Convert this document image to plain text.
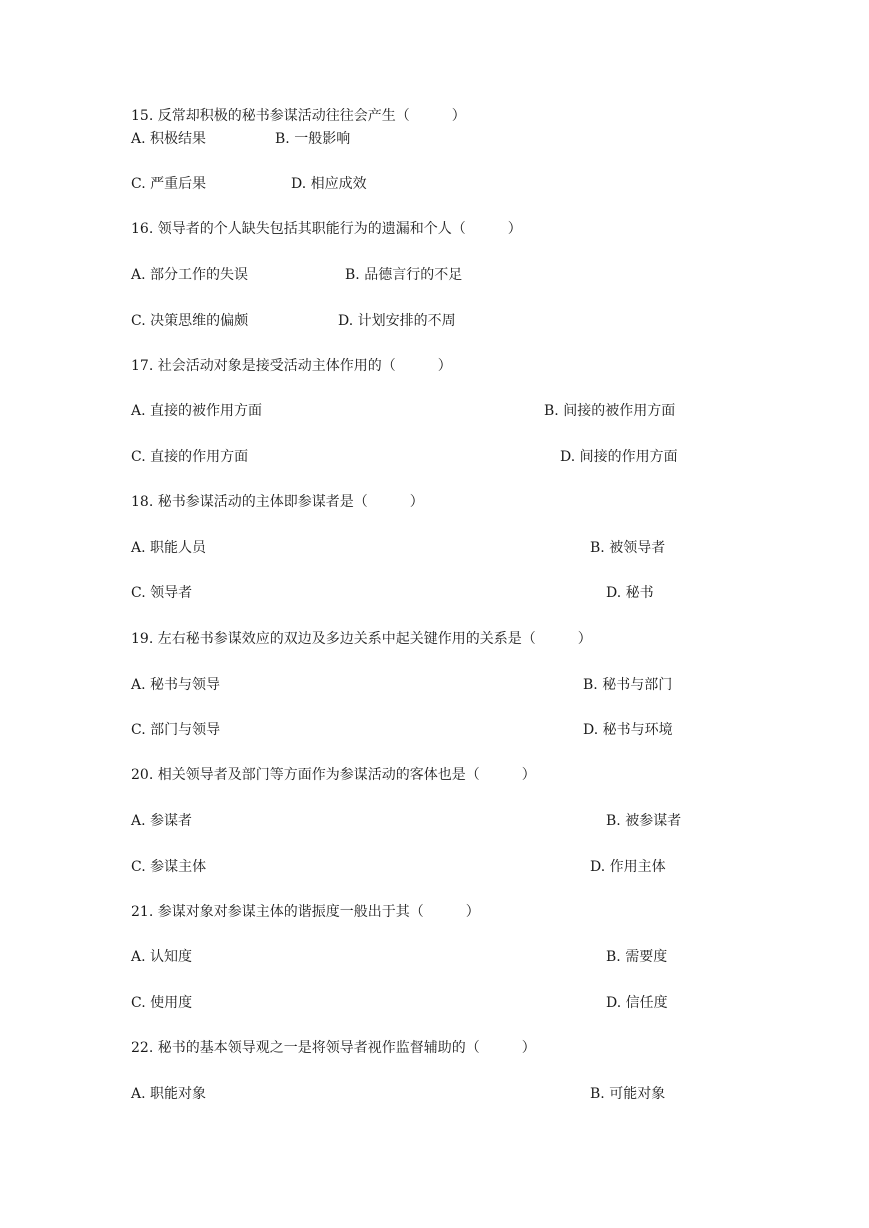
15. 反常却积极的秘书参谋活动往往会产生（　　　）
A. 积极结果	B. 一般影响
C. 严重后果	D. 相应成效
16. 领导者的个人缺失包括其职能行为的遗漏和个人（　　　）
A. 部分工作的失误	B. 品德言行的不足
C. 决策思维的偏颇	D. 计划安排的不周
17. 社会活动对象是接受活动主体作用的（　　　）
A. 直接的被作用方面	B. 间接的被作用方面
C. 直接的作用方面	D. 间接的作用方面
18. 秘书参谋活动的主体即参谋者是（　　　）
A. 职能人员	B. 被领导者
C. 领导者	D. 秘书
19. 左右秘书参谋效应的双边及多边关系中起关键作用的关系是（　　　）
A. 秘书与领导	B. 秘书与部门
C. 部门与领导	D. 秘书与环境
20. 相关领导者及部门等方面作为参谋活动的客体也是（　　　）
A. 参谋者	B. 被参谋者
C. 参谋主体	D. 作用主体
21. 参谋对象对参谋主体的谐振度一般出于其（　　　）
A. 认知度	B. 需要度
C. 使用度	D. 信任度
22. 秘书的基本领导观之一是将领导者视作监督辅助的（　　　）
A. 职能对象	B. 可能对象
